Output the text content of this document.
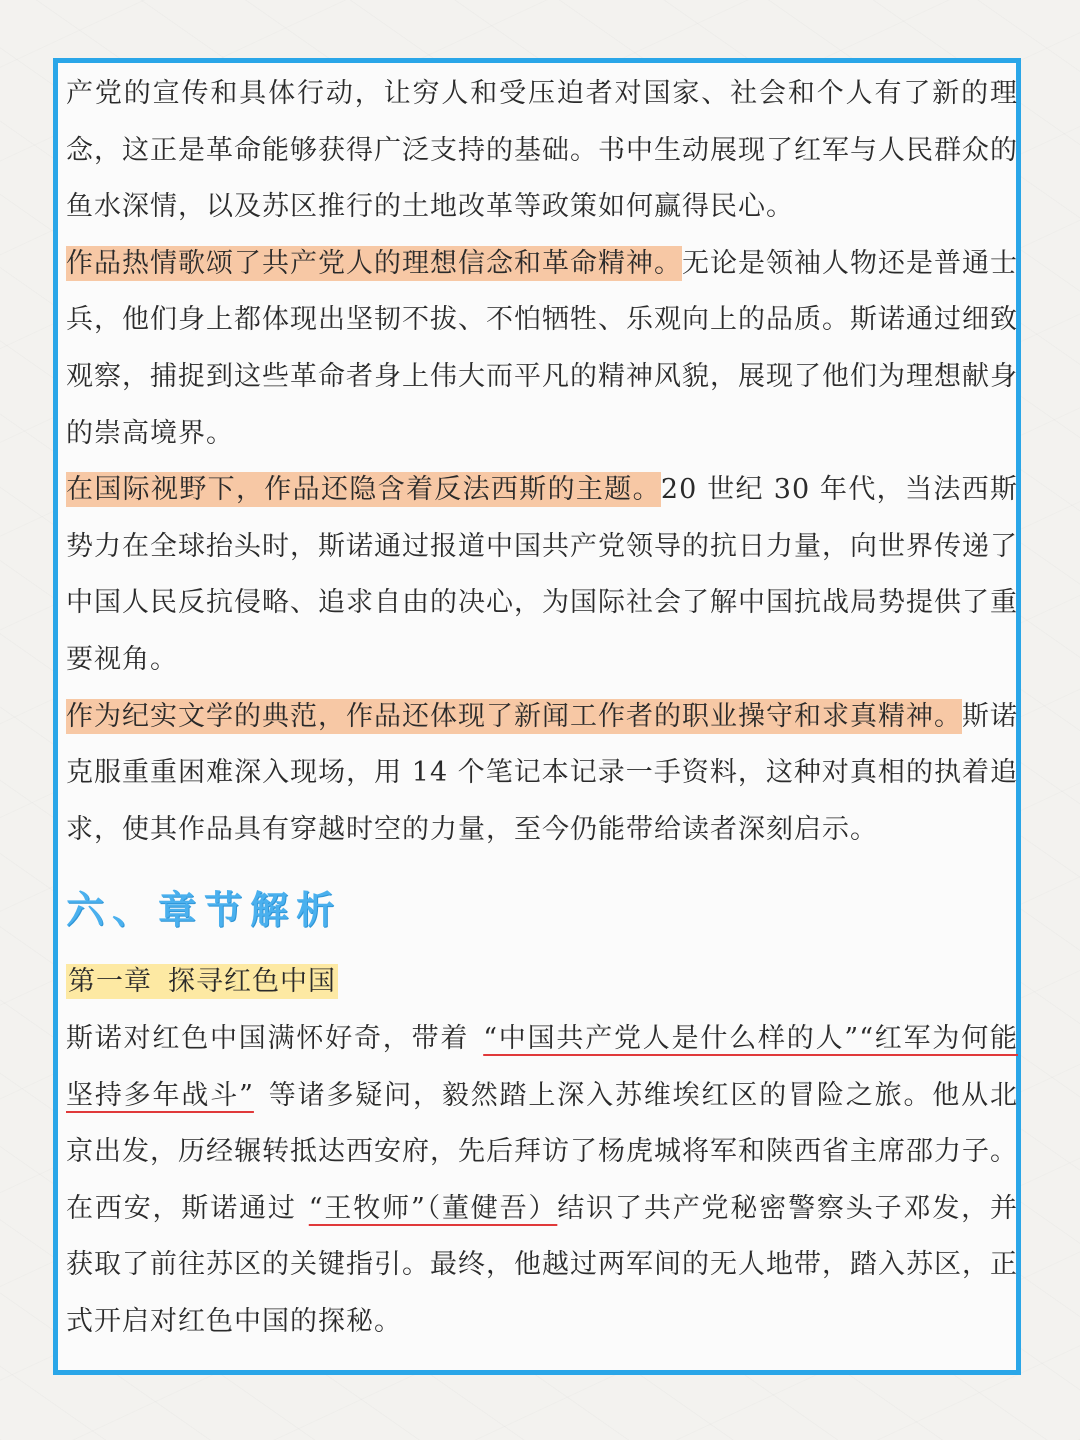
产党的宣传和具体行动，让穷人和受压迫者对国家、社会和个人有了新的理念，这正是革命能够获得广泛支持的基础。书中生动展现了红军与人民群众的鱼水深情，以及苏区推行的土地改革等政策如何赢得民心。

作品热情歌颂了共产党人的理想信念和革命精神。无论是领袖人物还是普通士兵，他们身上都体现出坚韧不拔、不怕牺牲、乐观向上的品质。斯诺通过细致观察，捕捉到这些革命者身上伟大而平凡的精神风貌，展现了他们为理想献身的崇高境界。

在国际视野下，作品还隐含着反法西斯的主题。20 世纪 30 年代，当法西斯势力在全球抬头时，斯诺通过报道中国共产党领导的抗日力量，向世界传递了中国人民反抗侵略、追求自由的决心，为国际社会了解中国抗战局势提供了重要视角。

作为纪实文学的典范，作品还体现了新闻工作者的职业操守和求真精神。斯诺克服重重困难深入现场，用 14 个笔记本记录一手资料，这种对真相的执着追求，使其作品具有穿越时空的力量，至今仍能带给读者深刻启示。

六、章节解析
第一章 探寻红色中国

斯诺对红色中国满怀好奇，带着 “中国共产党人是什么样的人”“红军为何能坚持多年战斗” 等诸多疑问，毅然踏上深入苏维埃红区的冒险之旅。他从北京出发，历经辗转抵达西安府，先后拜访了杨虎城将军和陕西省主席邵力子。在西安，斯诺通过 “王牧师”（董健吾）结识了共产党秘密警察头子邓发，并获取了前往苏区的关键指引。最终，他越过两军间的无人地带，踏入苏区，正式开启对红色中国的探秘。
